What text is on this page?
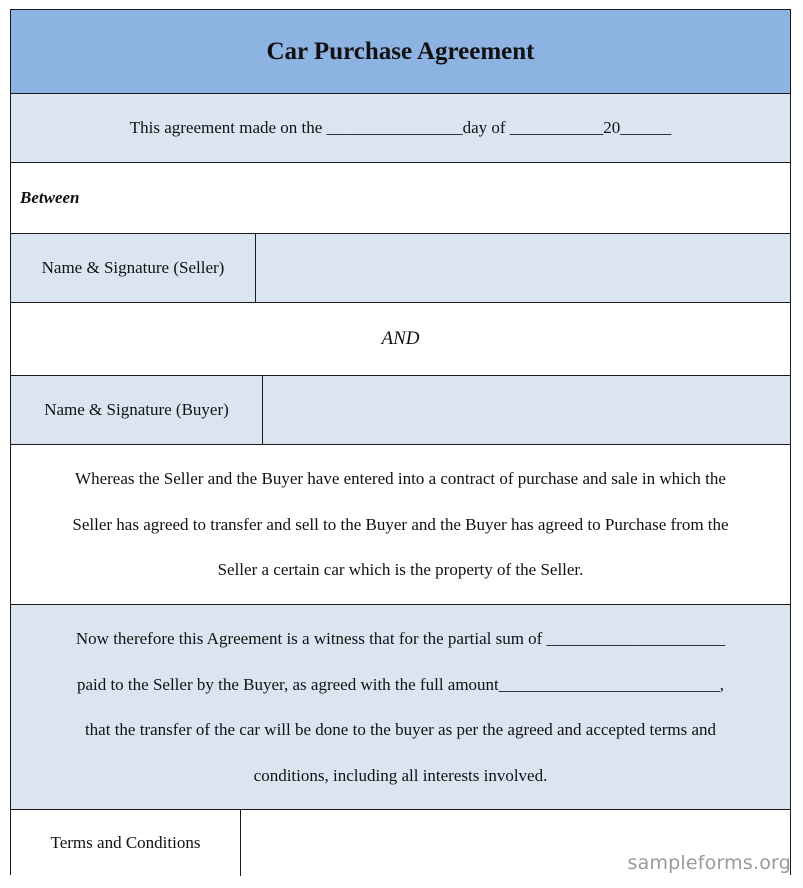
Car Purchase Agreement
This agreement made on the ________________day of ___________20______
Between
Name & Signature (Seller)
AND
Name & Signature (Buyer)
Whereas the Seller and the Buyer have entered into a contract of purchase and sale in which the
Seller has agreed to transfer and sell to the Buyer and the Buyer has agreed to Purchase from the
Seller a certain car which is the property of the Seller.
Now therefore this Agreement is a witness that for the partial sum of _____________________
paid to the Seller by the Buyer, as agreed with the full amount__________________________,
that the transfer of the car will be done to the buyer as per the agreed and accepted terms and
conditions, including all interests involved.
Terms and Conditions
sampleforms.org
